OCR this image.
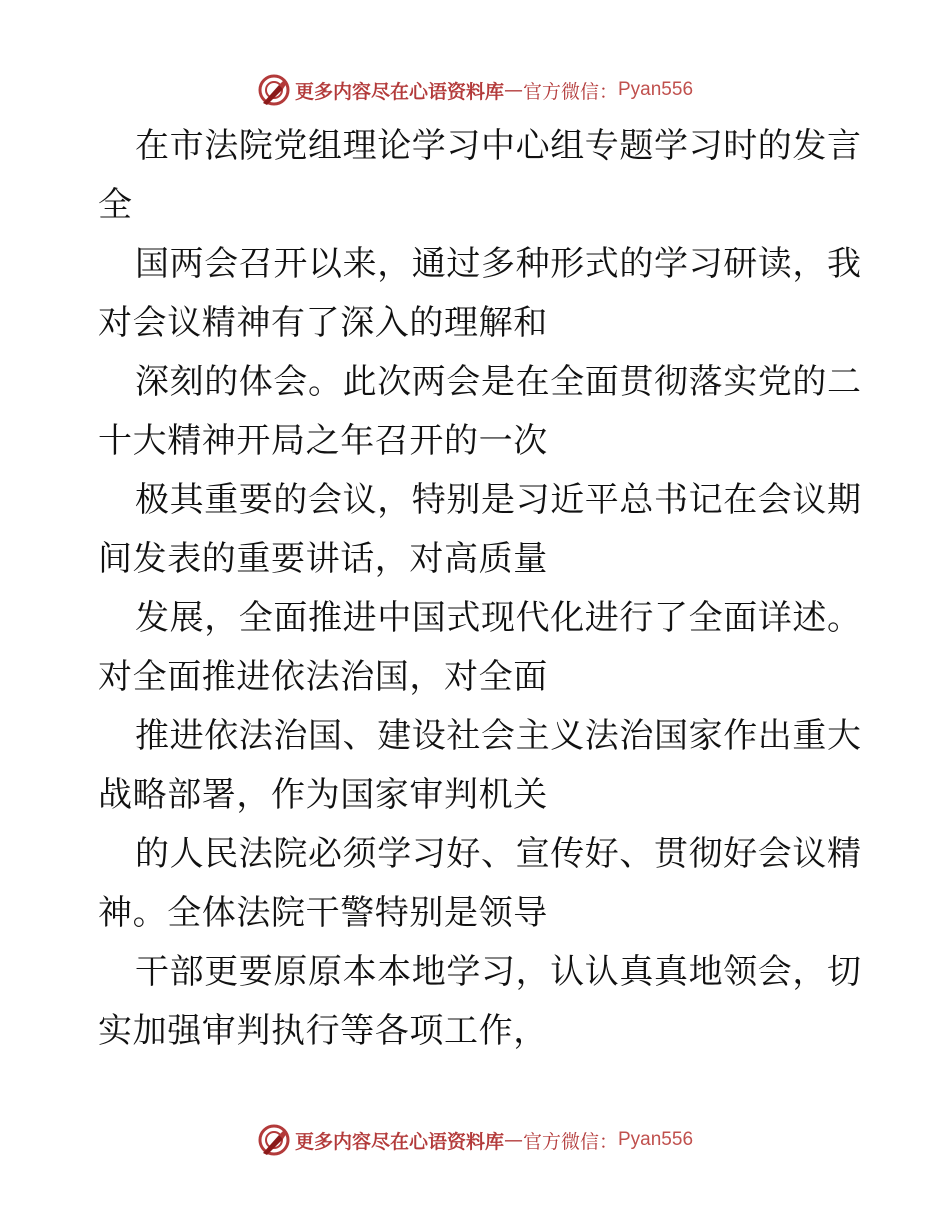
更多内容尽在心语资料库 — 官方微信： Pyan556
在市法院党组理论学习中心组专题学习时的发言
全
国两会召开以来，通过多种形式的学习研读，我
对会议精神有了深入的理解和
深刻的体会。此次两会是在全面贯彻落实党的二
十大精神开局之年召开的一次
极其重要的会议，特别是习近平总书记在会议期
间发表的重要讲话，对高质量
发展，全面推进中国式现代化进行了全面详述。
对全面推进依法治国，对全面
推进依法治国、建设社会主义法治国家作出重大
战略部署，作为国家审判机关
的人民法院必须学习好、宣传好、贯彻好会议精
神。全体法院干警特别是领导
干部更要原原本本地学习，认认真真地领会，切
实加强审判执行等各项工作，
更多内容尽在心语资料库 — 官方微信： Pyan556
